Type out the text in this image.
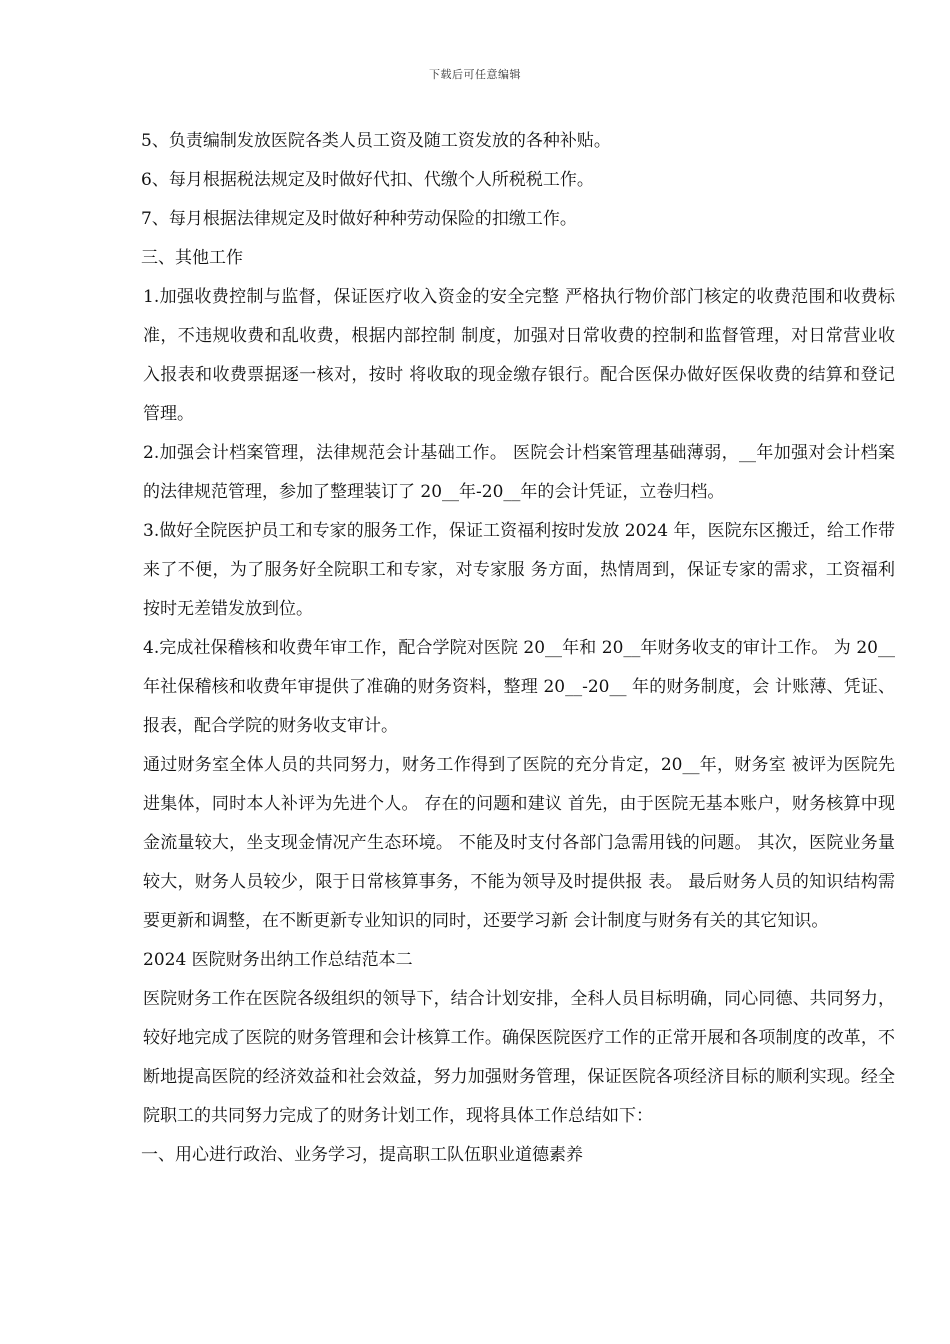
下载后可任意编辑

5、负责编制发放医院各类人员工资及随工资发放的各种补贴。

6、每月根据税法规定及时做好代扣、代缴个人所税税工作。

7、每月根据法律规定及时做好种种劳动保险的扣缴工作。

三、其他工作

1.加强收费控制与监督，保证医疗收入资金的安全完整 严格执行物价部门核定的收费范围和收费标准，不违规收费和乱收费，根据内部控制 制度，加强对日常收费的控制和监督管理，对日常营业收入报表和收费票据逐一核对，按时 将收取的现金缴存银行。配合医保办做好医保收费的结算和登记管理。

2.加强会计档案管理，法律规范会计基础工作。 医院会计档案管理基础薄弱，__年加强对会计档案的法律规范管理，参加了整理装订了 20__年-20__年的会计凭证，立卷归档。

3.做好全院医护员工和专家的服务工作，保证工资福利按时发放 2024 年，医院东区搬迁，给工作带来了不便，为了服务好全院职工和专家，对专家服 务方面，热情周到，保证专家的需求，工资福利按时无差错发放到位。

4.完成社保稽核和收费年审工作，配合学院对医院 20__年和 20__年财务收支的审计工作。 为 20__ 年社保稽核和收费年审提供了准确的财务资料，整理 20__-20__ 年的财务制度，会 计账薄、凭证、报表，配合学院的财务收支审计。

通过财务室全体人员的共同努力，财务工作得到了医院的充分肯定，20__年，财务室 被评为医院先进集体，同时本人补评为先进个人。 存在的问题和建议 首先，由于医院无基本账户，财务核算中现金流量较大，坐支现金情况产生态环境。 不能及时支付各部门急需用钱的问题。 其次，医院业务量较大，财务人员较少，限于日常核算事务，不能为领导及时提供报 表。 最后财务人员的知识结构需要更新和调整，在不断更新专业知识的同时，还要学习新 会计制度与财务有关的其它知识。

2024 医院财务出纳工作总结范本二

医院财务工作在医院各级组织的领导下，结合计划安排，全科人员目标明确，同心同德、共同努力，较好地完成了医院的财务管理和会计核算工作。确保医院医疗工作的正常开展和各项制度的改革，不断地提高医院的经济效益和社会效益，努力加强财务管理，保证医院各项经济目标的顺利实现。经全院职工的共同努力完成了的财务计划工作，现将具体工作总结如下：

一、用心进行政治、业务学习，提高职工队伍职业道德素养
